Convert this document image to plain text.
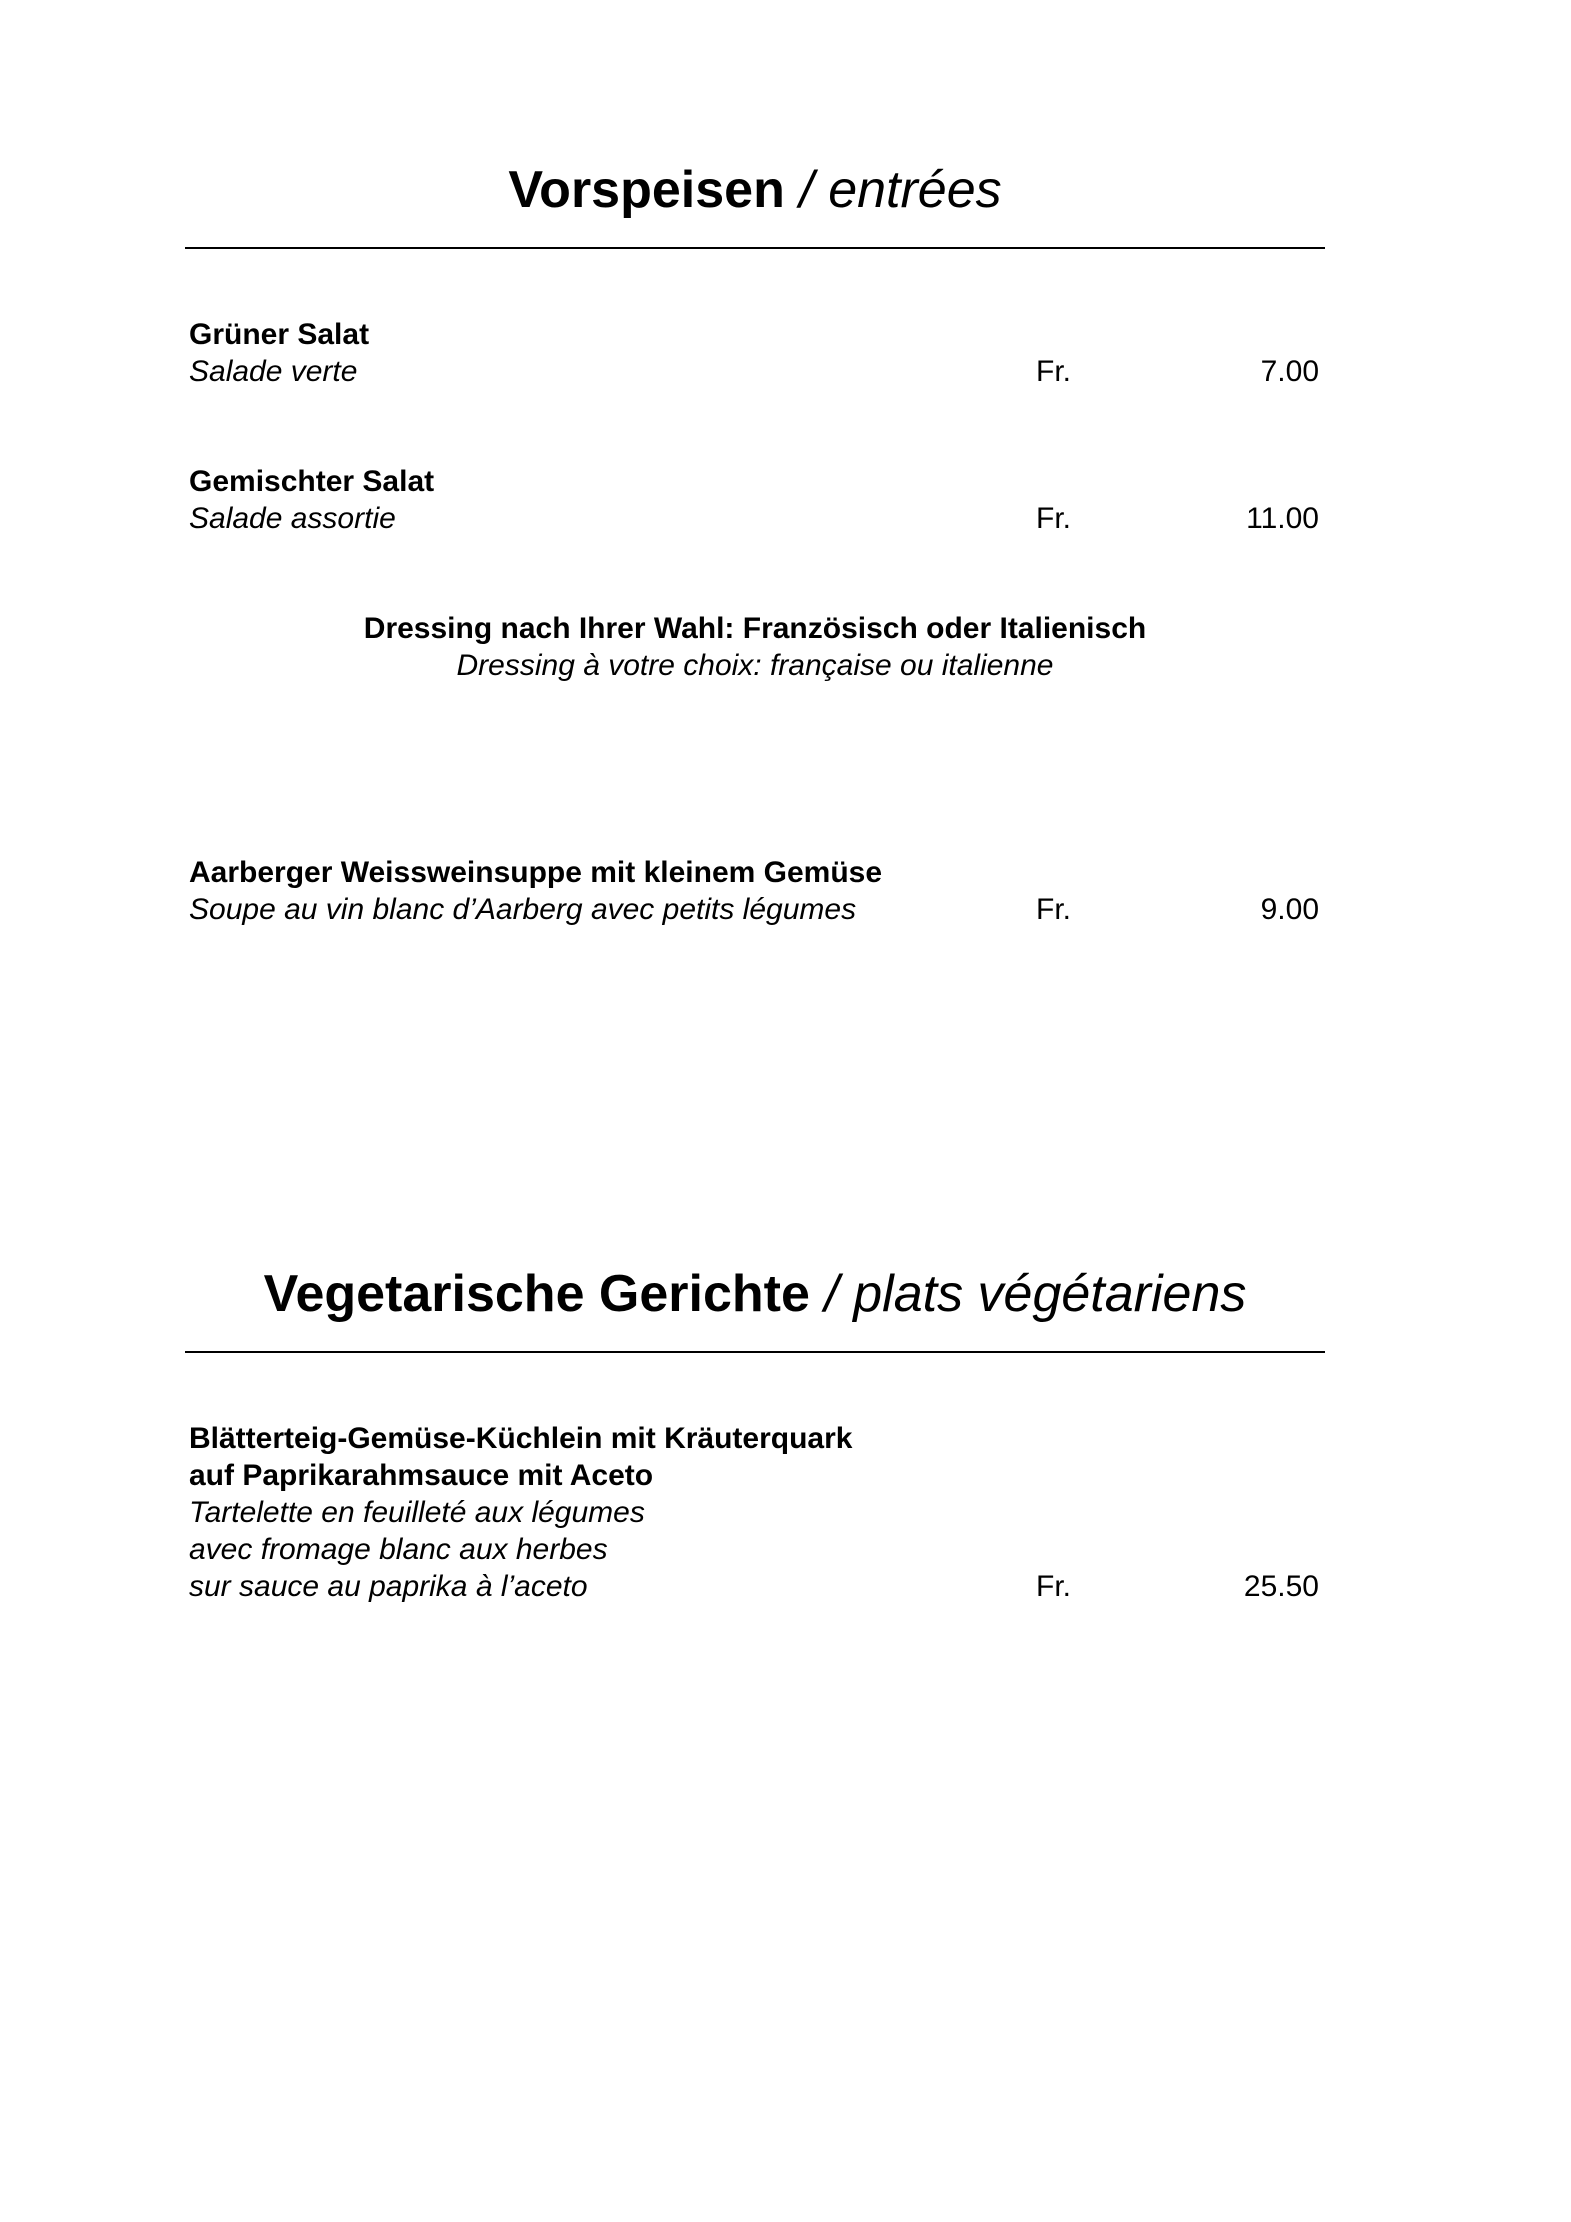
Vorspeisen / entrées
Grüner Salat
Salade verte	Fr.	7.00
Gemischter Salat
Salade assortie	Fr.	11.00
Dressing nach Ihrer Wahl: Französisch oder Italienisch
Dressing à votre choix: française ou italienne
Aarberger Weissweinsuppe mit kleinem Gemüse
Soupe au vin blanc d’Aarberg avec petits légumes	Fr.	9.00
Vegetarische Gerichte / plats végétariens
Blätterteig-Gemüse-Küchlein mit Kräuterquark
auf Paprikarahmsauce mit Aceto
Tartelette en feuilleté aux légumes
avec fromage blanc aux herbes
sur sauce au paprika à l’aceto	Fr.	25.50
